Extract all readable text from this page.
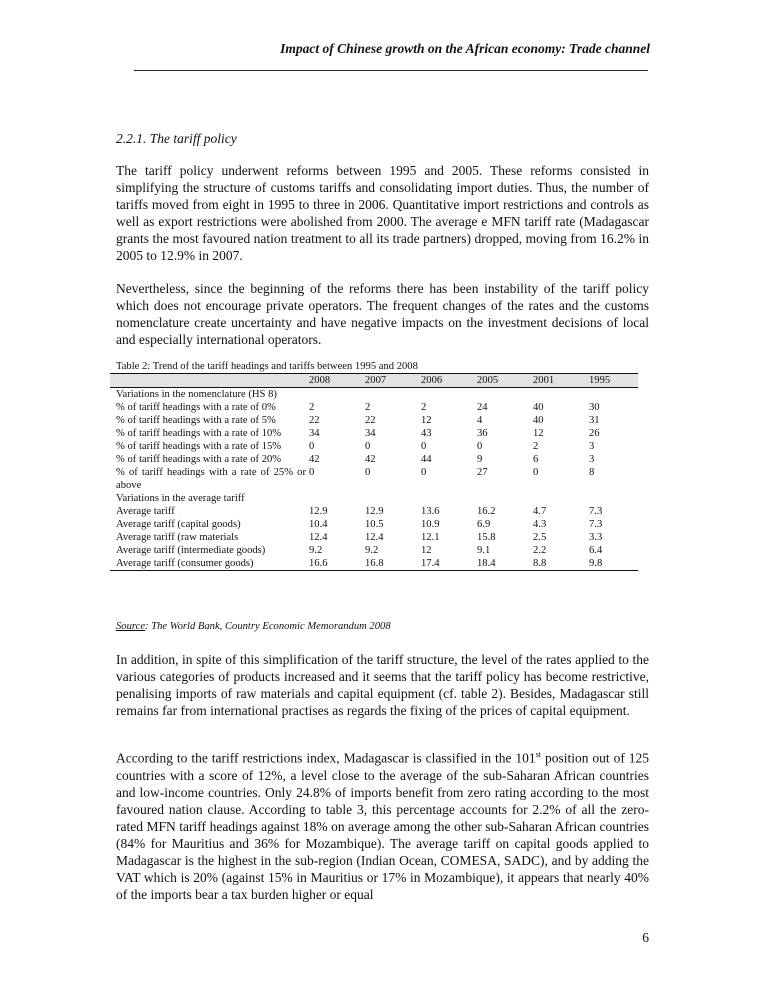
Impact of Chinese growth on the African economy: Trade channel
2.2.1. The tariff policy

The tariff policy underwent reforms between 1995 and 2005. These reforms consisted in simplifying the structure of customs tariffs and consolidating import duties. Thus, the number of tariffs moved from eight in 1995 to three in 2006. Quantitative import restrictions and controls as well as export restrictions were abolished from 2000. The average e MFN tariff rate (Madagascar grants the most favoured nation treatment to all its trade partners) dropped, moving from 16.2% in 2005 to 12.9% in 2007.

Nevertheless, since the beginning of the reforms there has been instability of the tariff policy which does not encourage private operators. The frequent changes of the rates and the customs nomenclature create uncertainty and have negative impacts on the investment decisions of local and especially international operators.

Table 2: Trend of the tariff headings and tariffs between 1995 and 2008
	2008	2007	2006	2005	2001	1995
Variations in the nomenclature (HS 8)						
% of tariff headings with a rate of 0%	2	2	2	24	40	30
% of tariff headings with a rate of 5%	22	22	12	4	40	31
% of tariff headings with a rate of 10%	34	34	43	36	12	26
% of tariff headings with a rate of 15%	0	0	0	0	2	3
% of tariff headings with a rate of 20%	42	42	44	9	6	3
% of tariff headings with a rate of 25% or above	0	0	0	27	0	8
Variations in the average tariff						
Average tariff	12.9	12.9	13.6	16.2	4.7	7.3
Average tariff (capital goods)	10.4	10.5	10.9	6.9	4.3	7.3
Average tariff (raw materials	12.4	12.4	12.1	15.8	2.5	3.3
Average tariff (intermediate goods)	9.2	9.2	12	9.1	2.2	6.4
Average tariff (consumer goods)	16.6	16.8	17.4	18.4	8.8	9.8
Source: The World Bank, Country Economic Memorandum 2008

In addition, in spite of this simplification of the tariff structure, the level of the rates applied to the various categories of products increased and it seems that the tariff policy has become restrictive, penalising imports of raw materials and capital equipment (cf. table 2). Besides, Madagascar still remains far from international practises as regards the fixing of the prices of capital equipment.

According to the tariff restrictions index, Madagascar is classified in the 101st position out of 125 countries with a score of 12%, a level close to the average of the sub-Saharan African countries and low-income countries. Only 24.8% of imports benefit from zero rating according to the most favoured nation clause. According to table 3, this percentage accounts for 2.2% of all the zero-rated MFN tariff headings against 18% on average among the other sub-Saharan African countries (84% for Mauritius and 36% for Mozambique). The average tariff on capital goods applied to Madagascar is the highest in the sub-region (Indian Ocean, COMESA, SADC), and by adding the VAT which is 20% (against 15% in Mauritius or 17% in Mozambique), it appears that nearly 40% of the imports bear a tax burden higher or equal

6
